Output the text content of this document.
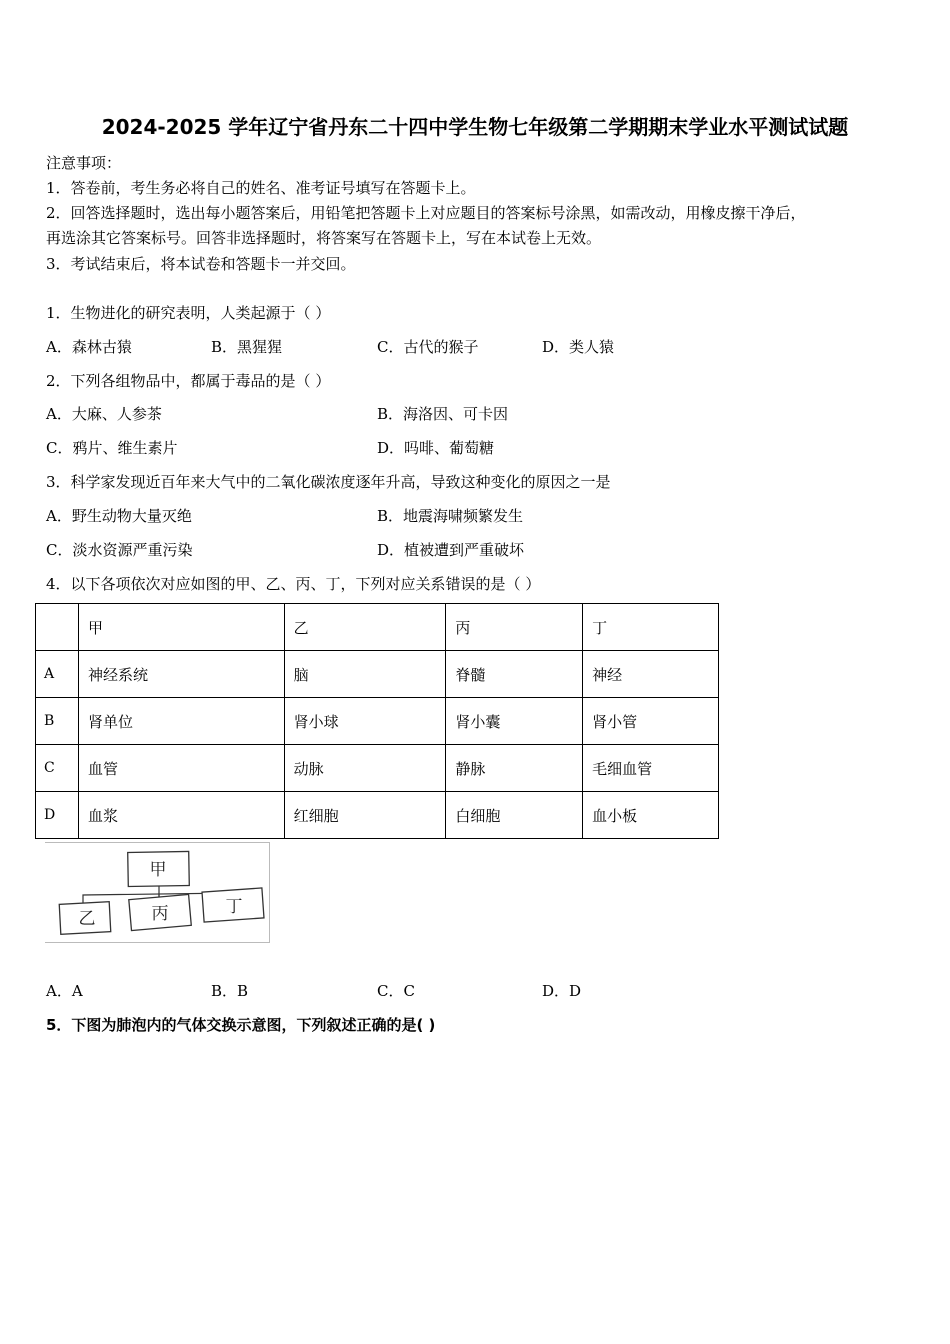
2024-2025 学年辽宁省丹东二十四中学生物七年级第二学期期末学业水平测试试题
注意事项：
1．答卷前，考生务必将自己的姓名、准考证号填写在答题卡上。
2．回答选择题时，选出每小题答案后，用铅笔把答题卡上对应题目的答案标号涂黑，如需改动，用橡皮擦干净后，
再选涂其它答案标号。回答非选择题时，将答案写在答题卡上，写在本试卷上无效。
3．考试结束后，将本试卷和答题卡一并交回。
1．生物进化的研究表明，人类起源于（ ）
A．森林古猿	B．黑猩猩	C．古代的猴子	D．类人猿
2．下列各组物品中，都属于毒品的是（ ）
A．大麻、人参茶	B．海洛因、可卡因
C．鸦片、维生素片	D．吗啡、葡萄糖
3．科学家发现近百年来大气中的二氧化碳浓度逐年升高，导致这种变化的原因之一是
A．野生动物大量灭绝	B．地震海啸频繁发生
C．淡水资源严重污染	D．植被遭到严重破坏
4．以下各项依次对应如图的甲、乙、丙、丁，下列对应关系错误的是（ ）
	甲	乙	丙	丁
A	神经系统	脑	脊髓	神经
B	肾单位	肾小球	肾小囊	肾小管
C	血管	动脉	静脉	毛细血管
D	血浆	红细胞	白细胞	血小板
甲
乙	丙	丁
A．A	B．B	C．C	D．D
5．下图为肺泡内的气体交换示意图，下列叙述正确的是( )
